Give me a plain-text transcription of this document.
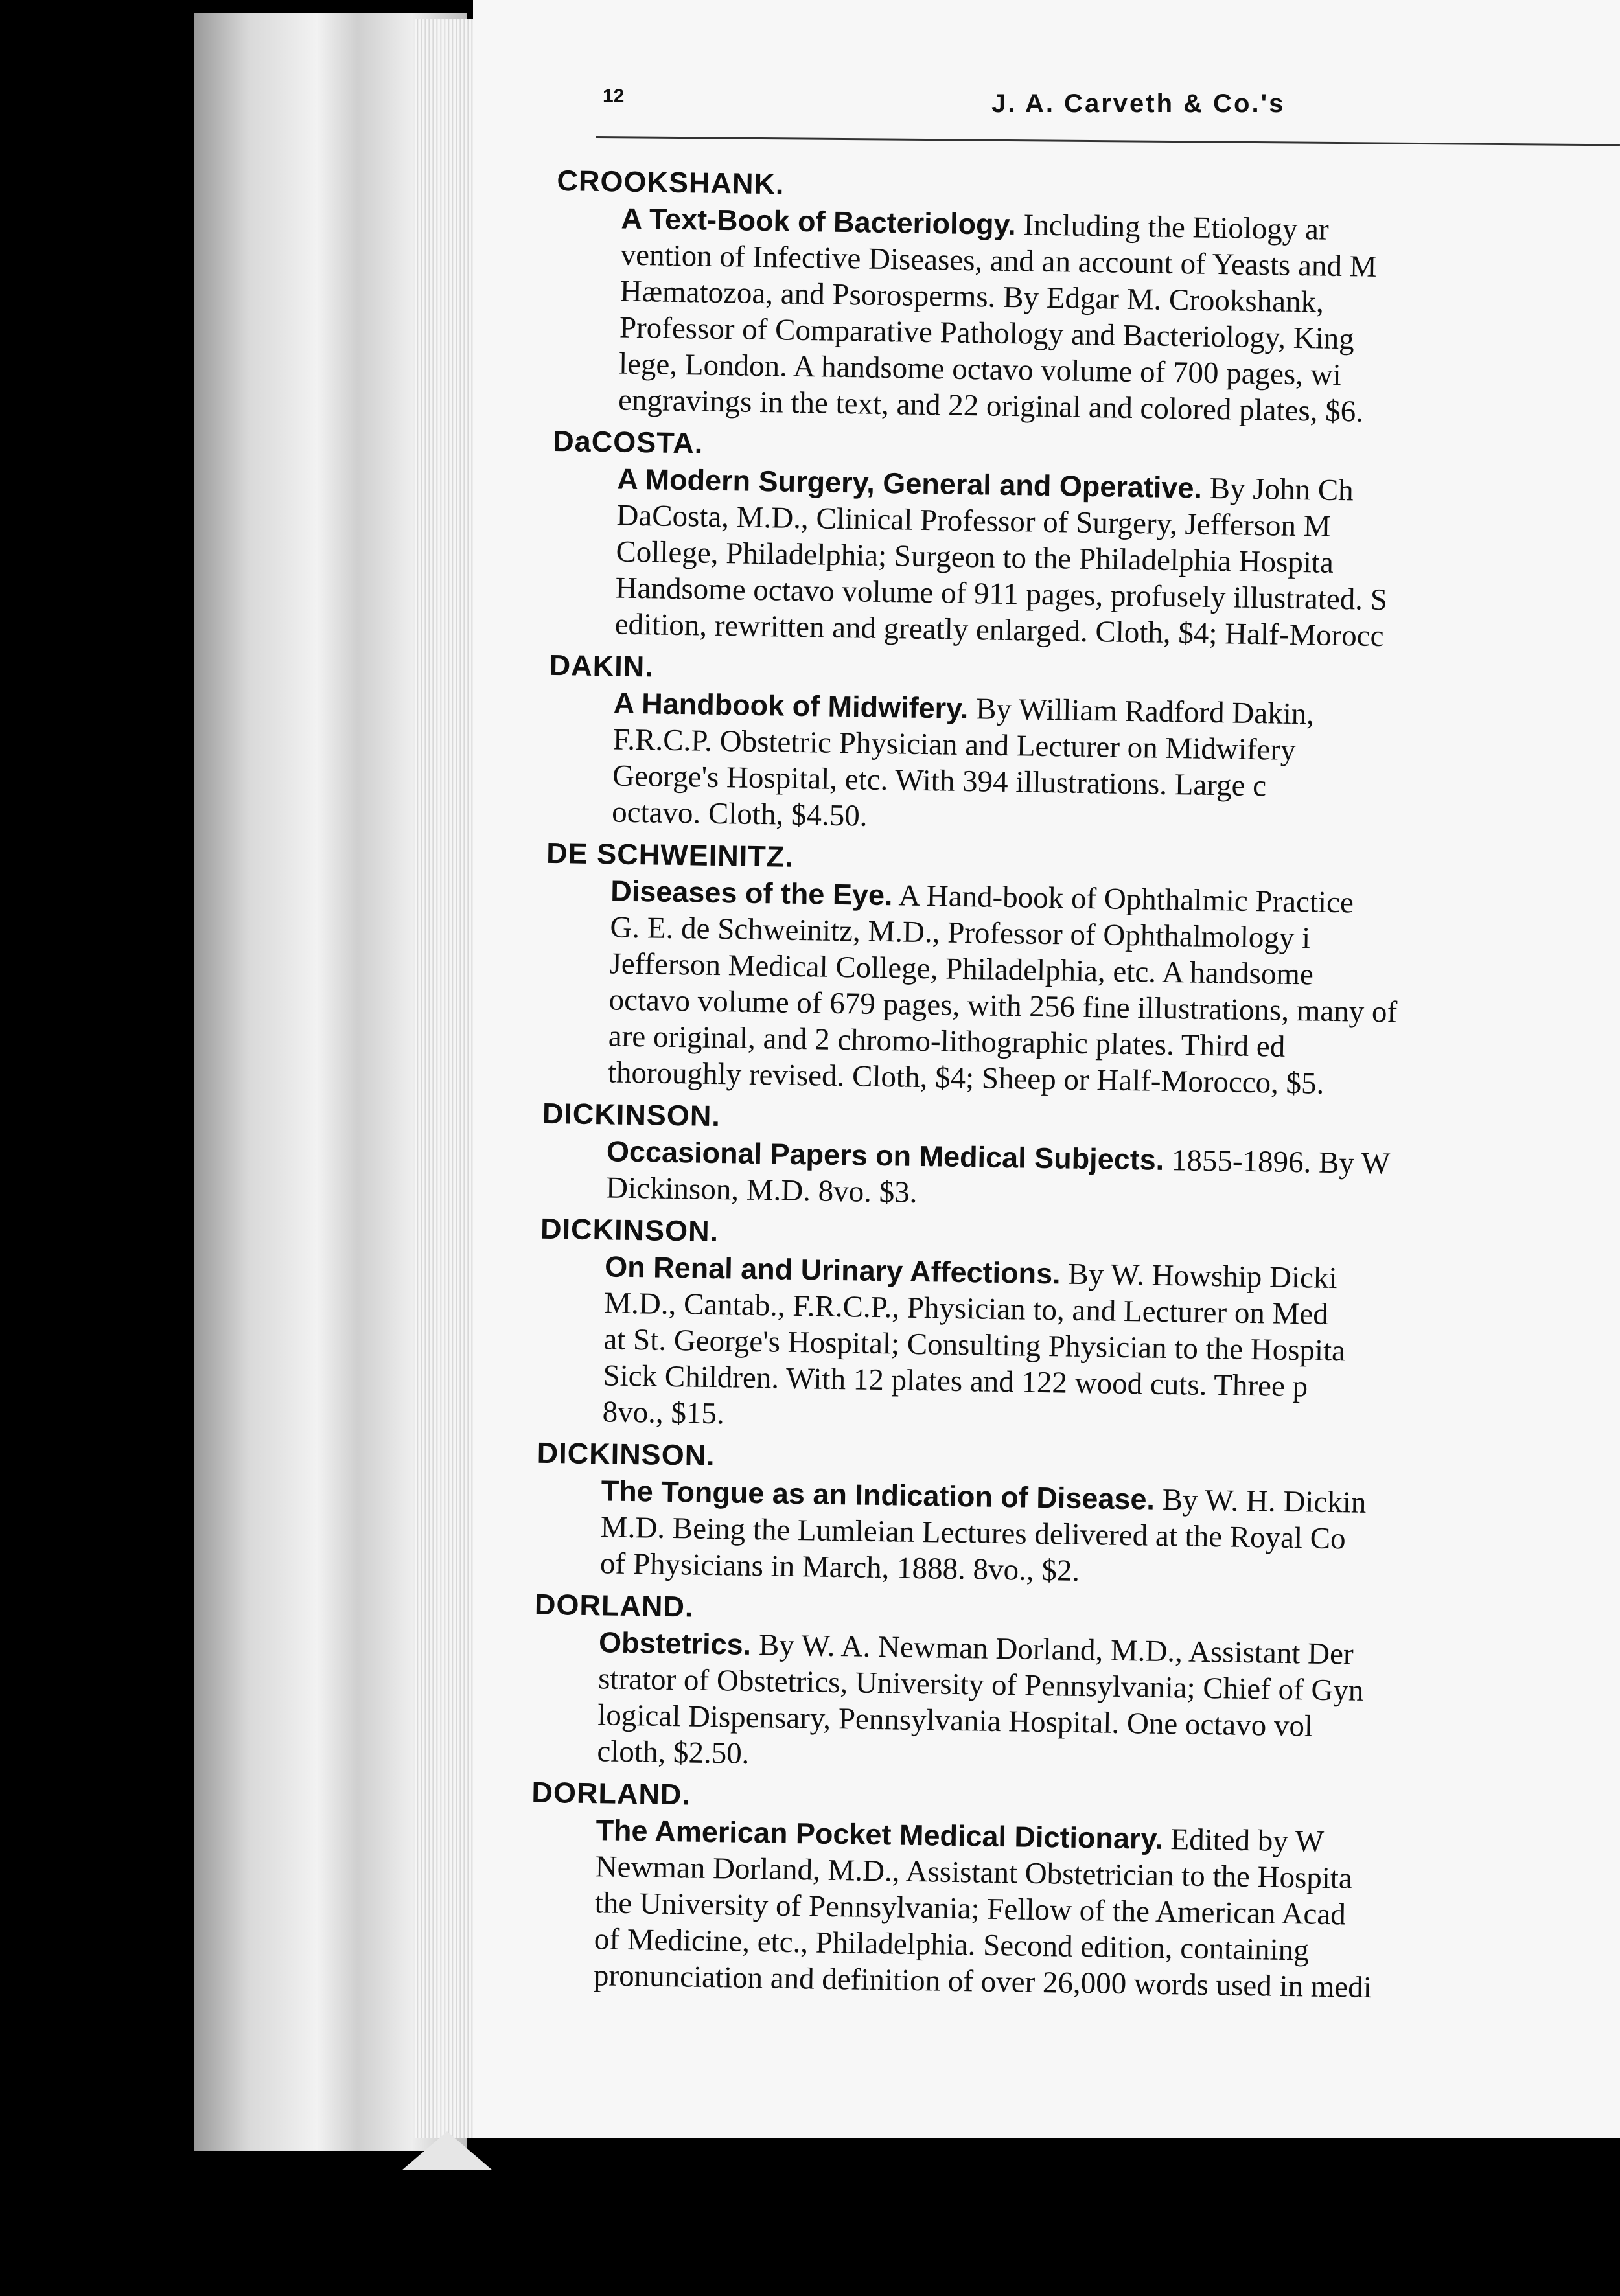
12	J. A. Carveth & Co.'s
CROOKSHANK.
A Text-Book of Bacteriology. Including the Etiology ar
vention of Infective Diseases, and an account of Yeasts and M
Hæmatozoa, and Psorosperms. By Edgar M. Crookshank,
Professor of Comparative Pathology and Bacteriology, King
lege, London. A handsome octavo volume of 700 pages, wi
engravings in the text, and 22 original and colored plates, $6.
DaCOSTA.
A Modern Surgery, General and Operative. By John Ch
DaCosta, M.D., Clinical Professor of Surgery, Jefferson M
College, Philadelphia; Surgeon to the Philadelphia Hospita
Handsome octavo volume of 911 pages, profusely illustrated. S
edition, rewritten and greatly enlarged. Cloth, $4; Half-Morocc
DAKIN.
A Handbook of Midwifery. By William Radford Dakin,
F.R.C.P. Obstetric Physician and Lecturer on Midwifery
George's Hospital, etc. With 394 illustrations. Large c
octavo. Cloth, $4.50.
DE SCHWEINITZ.
Diseases of the Eye. A Hand-book of Ophthalmic Practice
G. E. de Schweinitz, M.D., Professor of Ophthalmology i
Jefferson Medical College, Philadelphia, etc. A handsome
octavo volume of 679 pages, with 256 fine illustrations, many of
are original, and 2 chromo-lithographic plates. Third ed
thoroughly revised. Cloth, $4; Sheep or Half-Morocco, $5.
DICKINSON.
Occasional Papers on Medical Subjects. 1855-1896. By W
Dickinson, M.D. 8vo. $3.
DICKINSON.
On Renal and Urinary Affections. By W. Howship Dicki
M.D., Cantab., F.R.C.P., Physician to, and Lecturer on Med
at St. George's Hospital; Consulting Physician to the Hospita
Sick Children. With 12 plates and 122 wood cuts. Three p
8vo., $15.
DICKINSON.
The Tongue as an Indication of Disease. By W. H. Dickin
M.D. Being the Lumleian Lectures delivered at the Royal Co
of Physicians in March, 1888. 8vo., $2.
DORLAND.
Obstetrics. By W. A. Newman Dorland, M.D., Assistant Der
strator of Obstetrics, University of Pennsylvania; Chief of Gyn
logical Dispensary, Pennsylvania Hospital. One octavo vol
cloth, $2.50.
DORLAND.
The American Pocket Medical Dictionary. Edited by W
Newman Dorland, M.D., Assistant Obstetrician to the Hospita
the University of Pennsylvania; Fellow of the American Acad
of Medicine, etc., Philadelphia. Second edition, containing
pronunciation and definition of over 26,000 words used in medi
